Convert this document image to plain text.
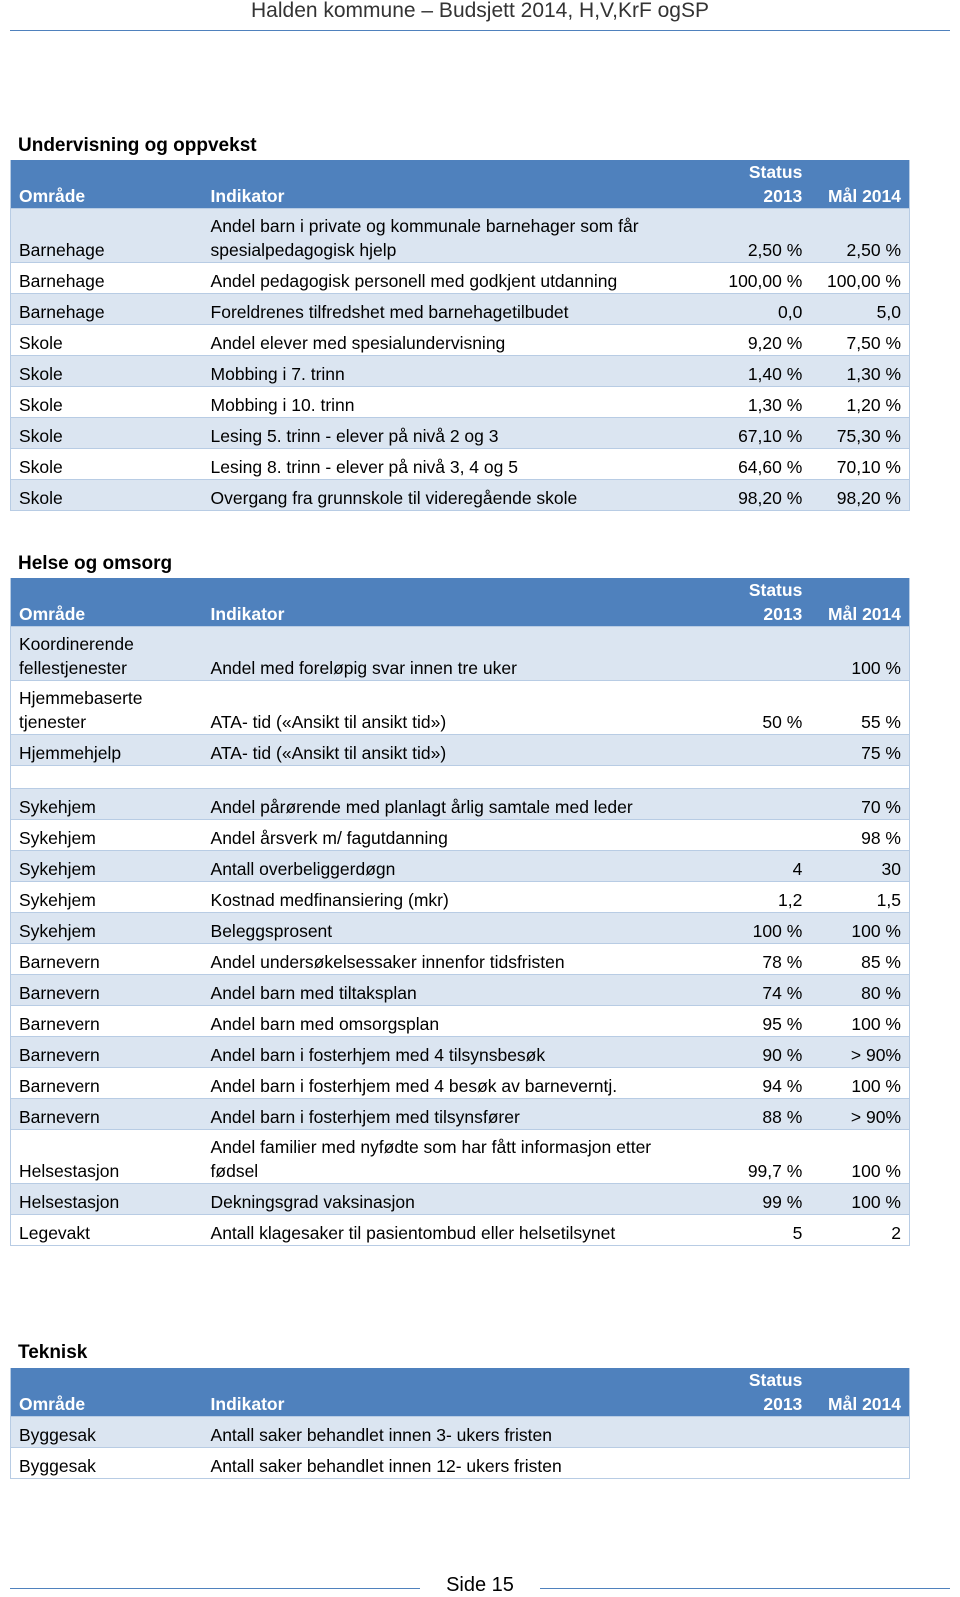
Halden kommune – Budsjett 2014, H,V,KrF ogSP
Undervisning og oppvekst
Område	Indikator	Status 2013	Mål 2014
Barnehage	Andel barn i private og kommunale barnehager som får spesialpedagogisk hjelp	2,50 %	2,50 %
Barnehage	Andel pedagogisk personell med godkjent utdanning	100,00 %	100,00 %
Barnehage	Foreldrenes tilfredshet med barnehagetilbudet	0,0	5,0
Skole	Andel elever med spesialundervisning	9,20 %	7,50 %
Skole	Mobbing i 7. trinn	1,40 %	1,30 %
Skole	Mobbing i 10. trinn	1,30 %	1,20 %
Skole	Lesing 5. trinn - elever på nivå 2 og 3	67,10 %	75,30 %
Skole	Lesing 8. trinn - elever på nivå 3, 4 og 5	64,60 %	70,10 %
Skole	Overgang fra grunnskole til videregående skole	98,20 %	98,20 %
Helse og omsorg
Område	Indikator	Status 2013	Mål 2014
Koordinerende fellestjenester	Andel med foreløpig svar innen tre uker		100 %
Hjemmebaserte tjenester	ATA- tid («Ansikt til ansikt tid»)	50 %	55 %
Hjemmehjelp	ATA- tid («Ansikt til ansikt tid»)		75 %

Sykehjem	Andel pårørende med planlagt årlig samtale med leder		70 %
Sykehjem	Andel årsverk m/ fagutdanning		98 %
Sykehjem	Antall overbeliggerdøgn	4	30
Sykehjem	Kostnad medfinansiering (mkr)	1,2	1,5
Sykehjem	Beleggsprosent	100 %	100 %
Barnevern	Andel undersøkelsessaker innenfor tidsfristen	78 %	85 %
Barnevern	Andel barn med tiltaksplan	74 %	80 %
Barnevern	Andel barn med omsorgsplan	95 %	100 %
Barnevern	Andel barn i fosterhjem med 4 tilsynsbesøk	90 %	> 90%
Barnevern	Andel barn i fosterhjem med 4 besøk av barneverntj.	94 %	100 %
Barnevern	Andel barn i fosterhjem med tilsynsfører	88 %	> 90%
Helsestasjon	Andel familier med nyfødte som har fått informasjon etter fødsel	99,7 %	100 %
Helsestasjon	Dekningsgrad vaksinasjon	99 %	100 %
Legevakt	Antall klagesaker til pasientombud eller helsetilsynet	5	2
Teknisk
Område	Indikator	Status 2013	Mål 2014
Byggesak	Antall saker behandlet innen 3- ukers fristen		
Byggesak	Antall saker behandlet innen 12- ukers fristen		
Side 15
